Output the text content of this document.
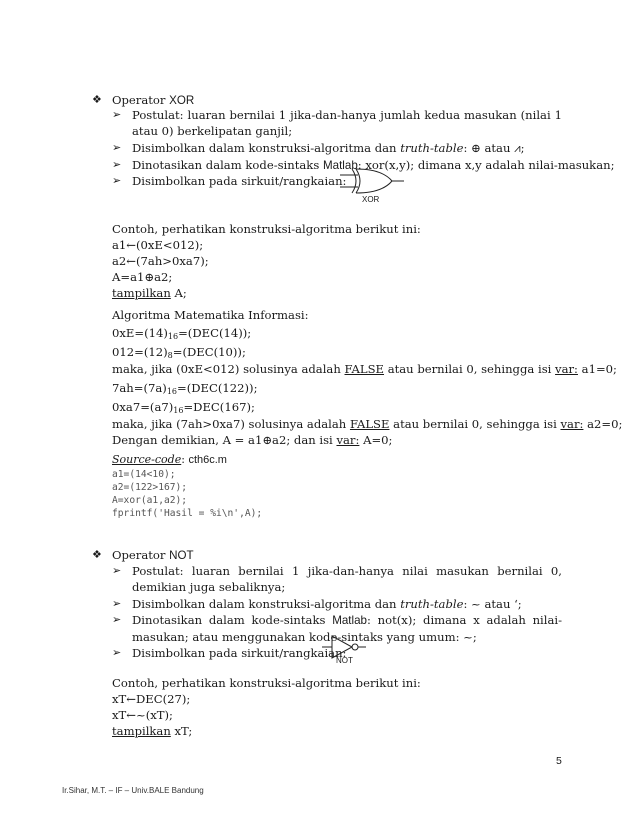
❖ Operator XOR
➢ Postulat: luaran bernilai 1 jika-dan-hanya jumlah kedua masukan (nilai 1 atau 0) berkelipatan ganjil;
➢ Disimbolkan dalam konstruksi-algoritma dan truth-table: ⊕ atau ⩘;
➢ Dinotasikan dalam kode-sintaks Matlab: xor(x,y); dimana x,y adalah nilai-masukan;
➢ Disimbolkan pada sirkuit/rangkaian:
XOR
Contoh, perhatikan konstruksi-algoritma berikut ini:
a1←(0xE<012);
a2←(7ah>0xa7);
A=a1⊕a2;
tampilkan A;
Algoritma Matematika Informasi:
$0xE=(14)_{16}=(DEC(14))$;
$012=(12)_8=(DEC(10))$;
maka, jika (0xE<012) solusinya adalah FALSE atau bernilai 0, sehingga isi var: a1=0;
$7ah=(7a)_{16}=(DEC(122))$;
$0xa7=(a7)_{16}=DEC(167)$;
maka, jika (7ah>0xa7) solusinya adalah FALSE atau bernilai 0, sehingga isi var: a2=0;
Dengan demikian, A = a1⊕a2; dan isi var: A=0;
Source-code: cth6c.m
a1=(14<10);
a2=(122>167);
A=xor(a1,a2);
fprintf('Hasil = %i\n',A);
❖ Operator NOT
➢ Postulat: luaran bernilai 1 jika-dan-hanya nilai masukan bernilai 0, demikian juga sebaliknya;
➢ Disimbolkan dalam konstruksi-algoritma dan truth-table: ~ atau ‘;
➢ Dinotasikan dalam kode-sintaks Matlab: not(x); dimana x adalah nilai-masukan; atau menggunakan kode-sintaks yang umum: ~;
➢ Disimbolkan pada sirkuit/rangkaian:
NOT
Contoh, perhatikan konstruksi-algoritma berikut ini:
xT←DEC(27);
xT←~(xT);
tampilkan xT;
5
Ir.Sihar, M.T. – IF – Univ.BALE Bandung
